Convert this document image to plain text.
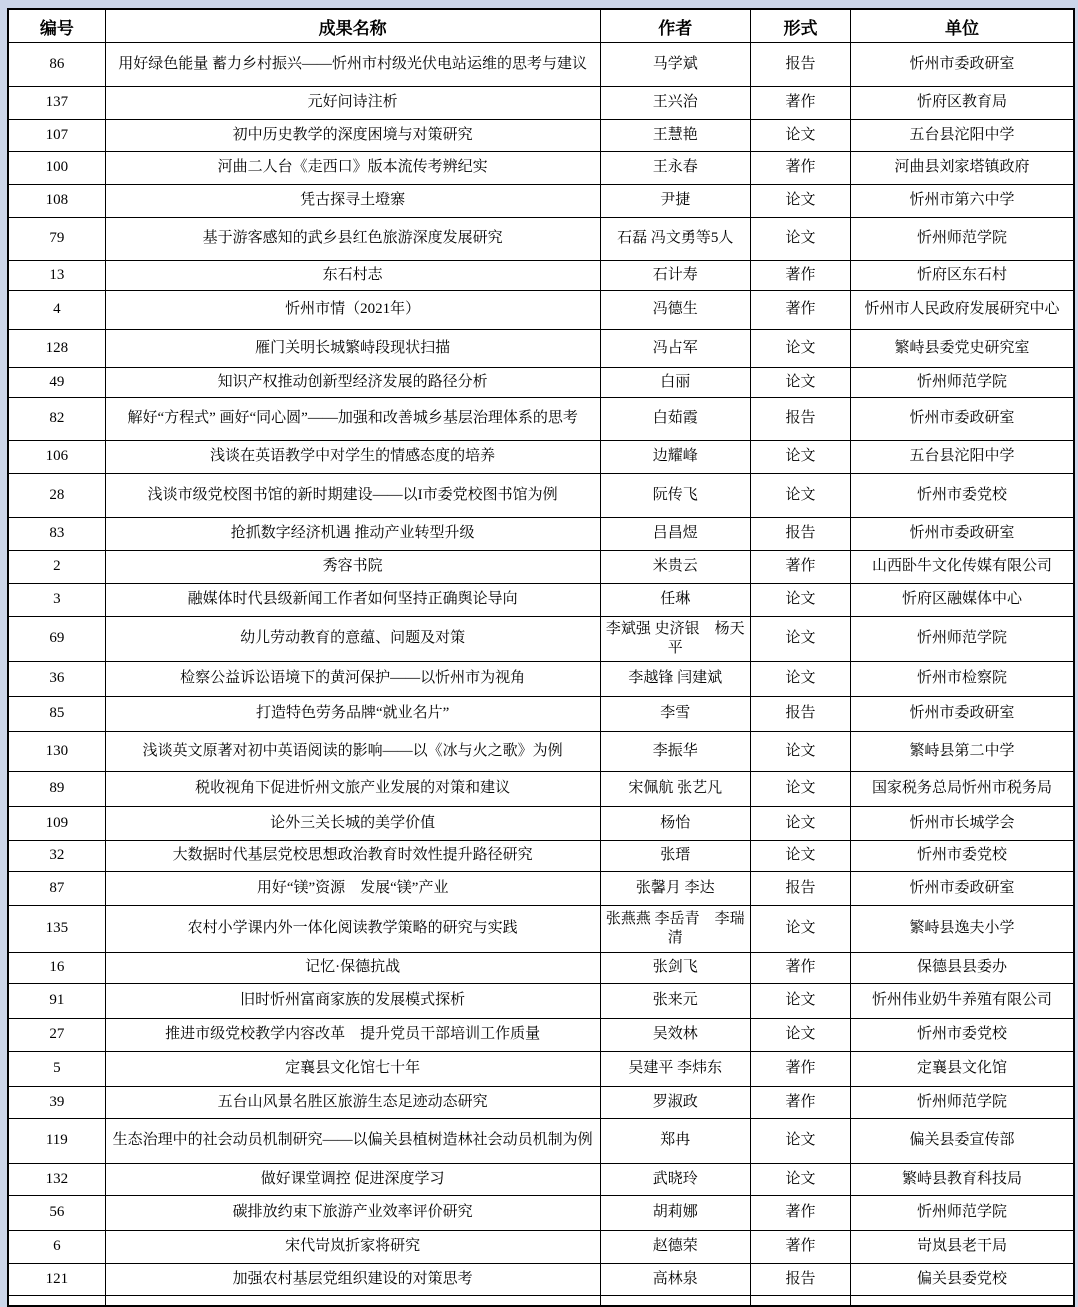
编号	成果名称	作者	形式	单位
86	用好绿色能量 蓄力乡村振兴——忻州市村级光伏电站运维的思考与建议	马学斌	报告	忻州市委政研室
137	元好问诗注析	王兴治	著作	忻府区教育局
107	初中历史教学的深度困境与对策研究	王慧艳	论文	五台县沱阳中学
100	河曲二人台《走西口》版本流传考辨纪实	王永春	著作	河曲县刘家塔镇政府
108	凭古探寻土墱寨	尹捷	论文	忻州市第六中学
79	基于游客感知的武乡县红色旅游深度发展研究	石磊 冯文勇等5人	论文	忻州师范学院
13	东石村志	石计寿	著作	忻府区东石村
4	忻州市情（2021年）	冯德生	著作	忻州市人民政府发展研究中心
128	雁门关明长城繁峙段现状扫描	冯占军	论文	繁峙县委党史研究室
49	知识产权推动创新型经济发展的路径分析	白丽	论文	忻州师范学院
82	解好“方程式” 画好“同心圆”——加强和改善城乡基层治理体系的思考	白茹霞	报告	忻州市委政研室
106	浅谈在英语教学中对学生的情感态度的培养	边耀峰	论文	五台县沱阳中学
28	浅谈市级党校图书馆的新时期建设——以I市委党校图书馆为例	阮传飞	论文	忻州市委党校
83	抢抓数字经济机遇 推动产业转型升级	吕昌煜	报告	忻州市委政研室
2	秀容书院	米贵云	著作	山西卧牛文化传媒有限公司
3	融媒体时代县级新闻工作者如何坚持正确舆论导向	任琳	论文	忻府区融媒体中心
69	幼儿劳动教育的意蕴、问题及对策	李斌强 史济银　杨天平	论文	忻州师范学院
36	检察公益诉讼语境下的黄河保护——以忻州市为视角	李越锋 闫建斌	论文	忻州市检察院
85	打造特色劳务品牌“就业名片”	李雪	报告	忻州市委政研室
130	浅谈英文原著对初中英语阅读的影响——以《冰与火之歌》为例	李振华	论文	繁峙县第二中学
89	税收视角下促进忻州文旅产业发展的对策和建议	宋佩航 张艺凡	论文	国家税务总局忻州市税务局
109	论外三关长城的美学价值	杨怡	论文	忻州市长城学会
32	大数据时代基层党校思想政治教育时效性提升路径研究	张瑨	论文	忻州市委党校
87	用好“镁”资源　发展“镁”产业	张馨月 李达	报告	忻州市委政研室
135	农村小学课内外一体化阅读教学策略的研究与实践	张燕燕 李岳青　李瑞清	论文	繁峙县逸夫小学
16	记忆·保德抗战	张剑飞	著作	保德县县委办
91	旧时忻州富商家族的发展模式探析	张来元	论文	忻州伟业奶牛养殖有限公司
27	推进市级党校教学内容改革　提升党员干部培训工作质量	吴效林	论文	忻州市委党校
5	定襄县文化馆七十年	吴建平 李炜东	著作	定襄县文化馆
39	五台山风景名胜区旅游生态足迹动态研究	罗淑政	著作	忻州师范学院
119	生态治理中的社会动员机制研究——以偏关县植树造林社会动员机制为例	郑冉	论文	偏关县委宣传部
132	做好课堂调控 促进深度学习	武晓玲	论文	繁峙县教育科技局
56	碳排放约束下旅游产业效率评价研究	胡莉娜	著作	忻州师范学院
6	宋代岢岚折家将研究	赵德荣	著作	岢岚县老干局
121	加强农村基层党组织建设的对策思考	高林泉	报告	偏关县委党校
